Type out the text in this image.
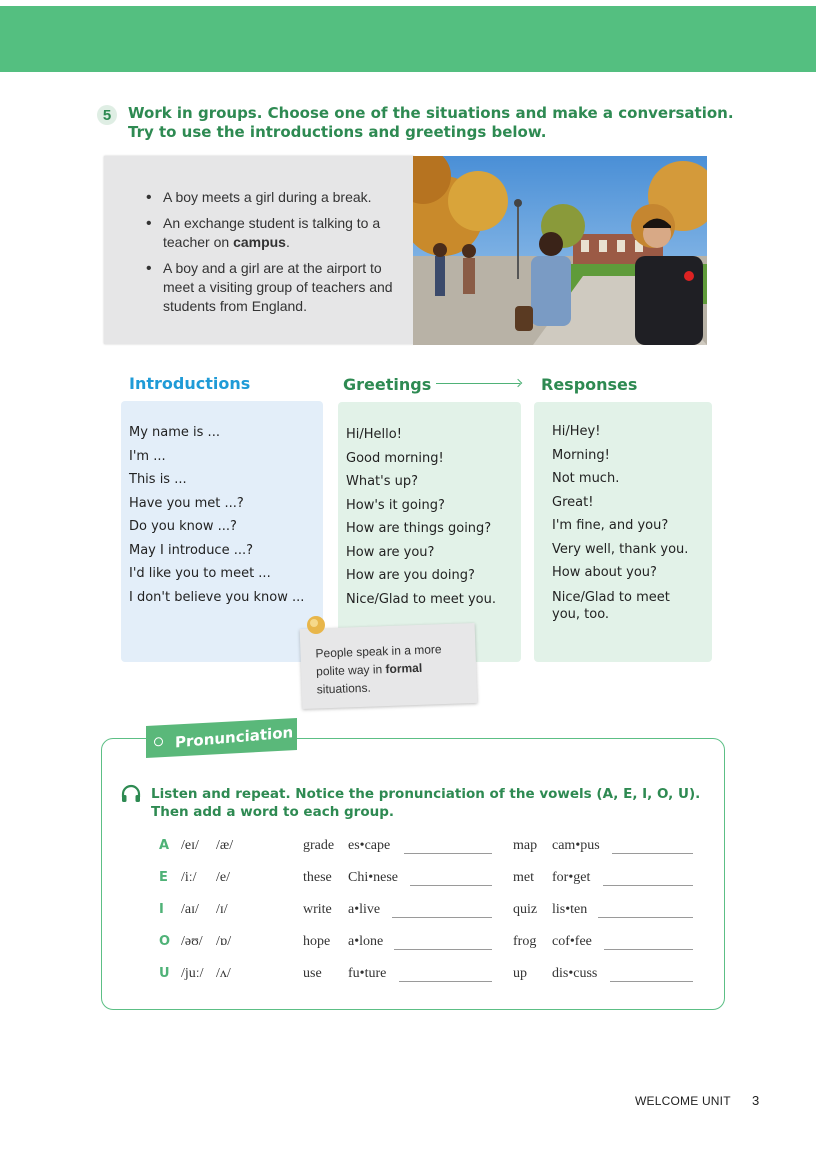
5	Work in groups. Choose one of the situations and make a conversation. Try to use the introductions and greetings below.
• A boy meets a girl during a break.
• An exchange student is talking to a teacher on campus.
• A boy and a girl are at the airport to meet a visiting group of teachers and students from England.
Introductions	Greetings	Responses
My name is ...
I'm ...
This is ...
Have you met ...?
Do you know ...?
May I introduce ...?
I'd like you to meet ...
I don't believe you know ...
Hi/Hello!
Good morning!
What's up?
How's it going?
How are things going?
How are you?
How are you doing?
Nice/Glad to meet you.
Hi/Hey!
Morning!
Not much.
Great!
I'm fine, and you?
Very well, thank you.
How about you?
Nice/Glad to meet you, too.

People speak in a more polite way in formal situations.

Pronunciation
Listen and repeat. Notice the pronunciation of the vowels (A, E, I, O, U). Then add a word to each group.
A /eɪ/ /æ/	grade es•cape	map cam•pus
E /iː/ /e/	these Chi•nese	met for•get
I /aɪ/ /ɪ/	write a•live	quiz lis•ten
O /əʊ/ /ɒ/	hope a•lone	frog cof•fee
U /juː/ /ʌ/	use fu•ture	up dis•cuss
WELCOME UNIT 3
